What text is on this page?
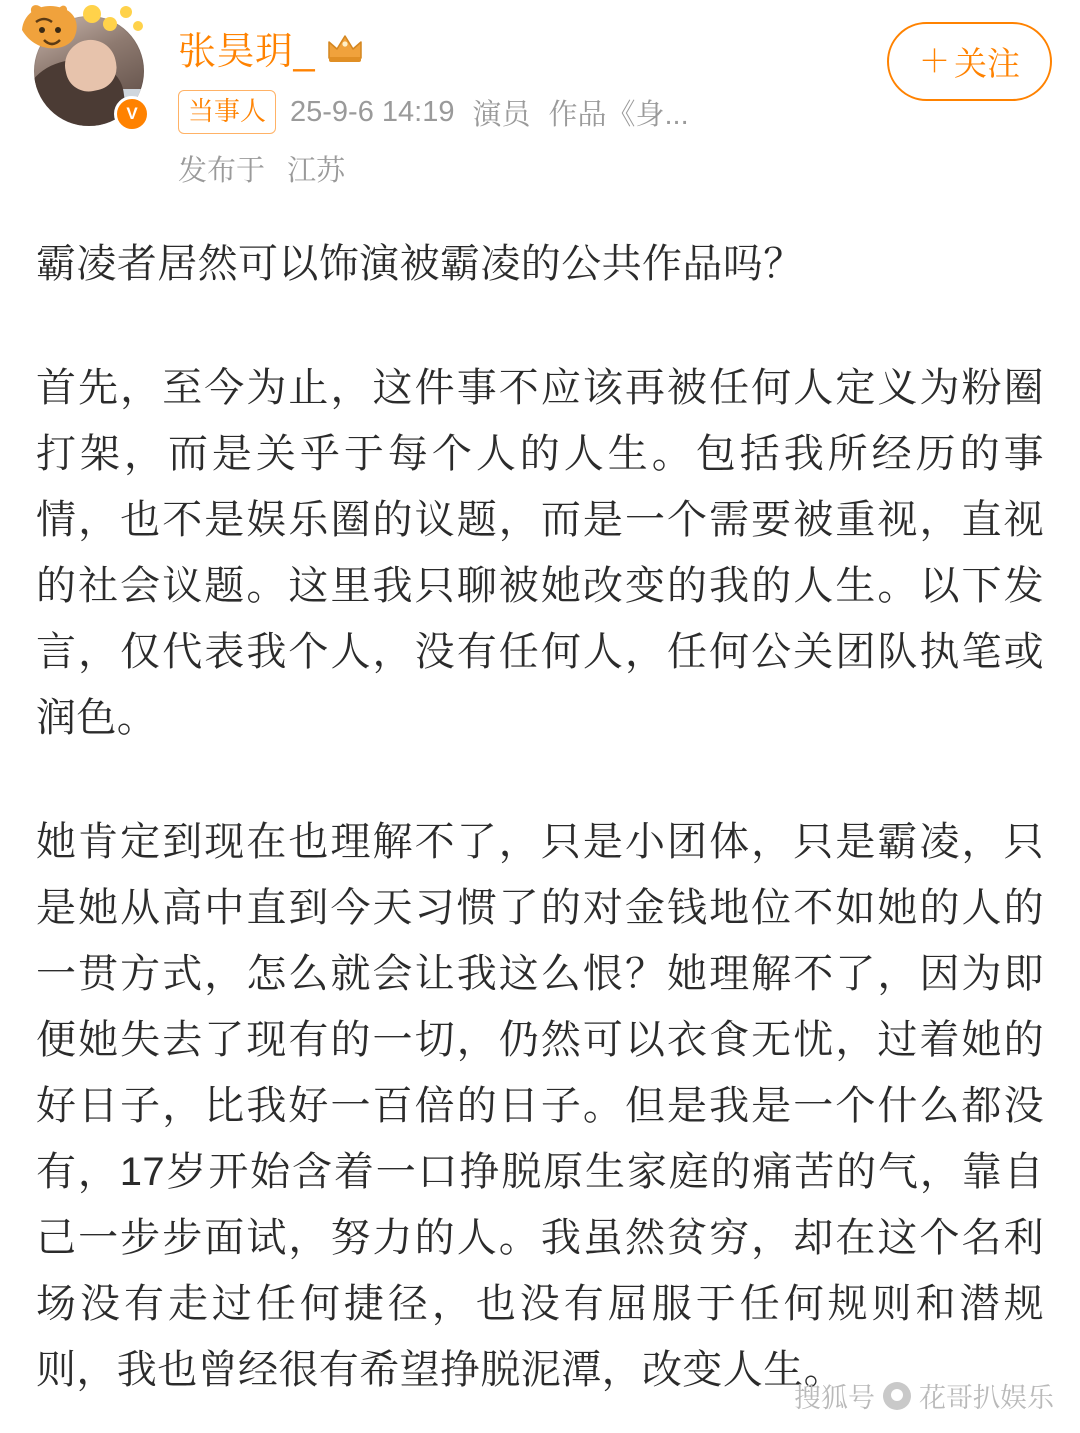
V
张昊玥_
当事人 25-9-6 14:19 演员 作品《身...
发布于 江苏
＋ 关注

霸凌者居然可以饰演被霸凌的公共作品吗？

首先，至今为止，这件事不应该再被任何人定义为粉圈打架，而是关乎于每个人的人生。包括我所经历的事情，也不是娱乐圈的议题，而是一个需要被重视，直视的社会议题。这里我只聊被她改变的我的人生。以下发言，仅代表我个人，没有任何人，任何公关团队执笔或润色。

她肯定到现在也理解不了，只是小团体，只是霸凌，只是她从高中直到今天习惯了的对金钱地位不如她的人的一贯方式，怎么就会让我这么恨？她理解不了，因为即便她失去了现有的一切，仍然可以衣食无忧，过着她的好日子，比我好一百倍的日子。但是我是一个什么都没有，17岁开始含着一口挣脱原生家庭的痛苦的气，靠自己一步步面试，努力的人。我虽然贫穷，却在这个名利场没有走过任何捷径，也没有屈服于任何规则和潜规则，我也曾经很有希望挣脱泥潭，改变人生。

搜狐号 花哥扒娱乐
